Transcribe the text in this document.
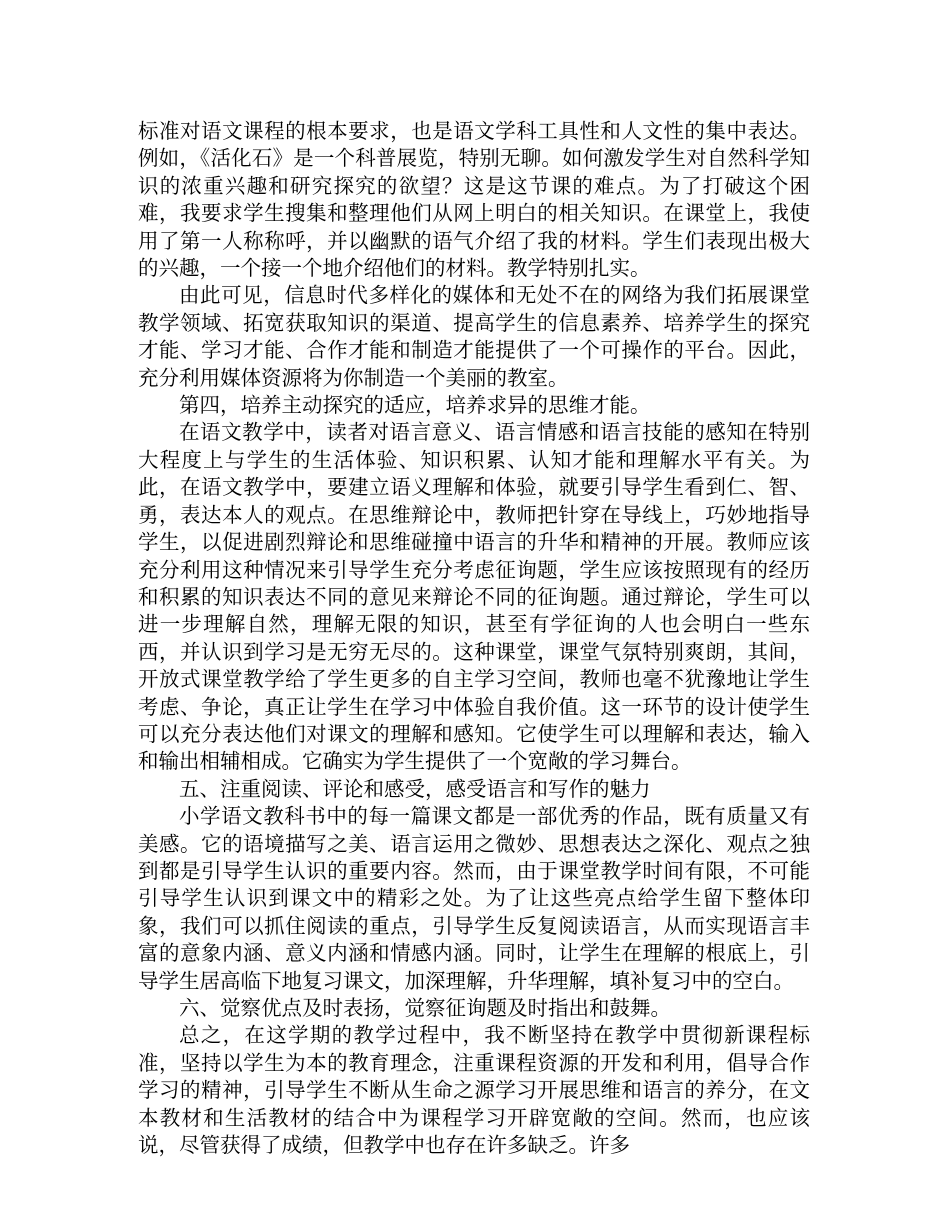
标准对语文课程的根本要求，也是语文学科工具性和人文性的集中表达。例如，《活化石》是一个科普展览，特别无聊。如何激发学生对自然科学知识的浓重兴趣和研究探究的欲望？这是这节课的难点。为了打破这个困难，我要求学生搜集和整理他们从网上明白的相关知识。在课堂上，我使用了第一人称称呼，并以幽默的语气介绍了我的材料。学生们表现出极大的兴趣，一个接一个地介绍他们的材料。教学特别扎实。

由此可见，信息时代多样化的媒体和无处不在的网络为我们拓展课堂教学领域、拓宽获取知识的渠道、提高学生的信息素养、培养学生的探究才能、学习才能、合作才能和制造才能提供了一个可操作的平台。因此，充分利用媒体资源将为你制造一个美丽的教室。

第四，培养主动探究的适应，培养求异的思维才能。

在语文教学中，读者对语言意义、语言情感和语言技能的感知在特别大程度上与学生的生活体验、知识积累、认知才能和理解水平有关。为此，在语文教学中，要建立语义理解和体验，就要引导学生看到仁、智、勇，表达本人的观点。在思维辩论中，教师把针穿在导线上，巧妙地指导学生，以促进剧烈辩论和思维碰撞中语言的升华和精神的开展。教师应该充分利用这种情况来引导学生充分考虑征询题，学生应该按照现有的经历和积累的知识表达不同的意见来辩论不同的征询题。通过辩论，学生可以进一步理解自然，理解无限的知识，甚至有学征询的人也会明白一些东西，并认识到学习是无穷无尽的。这种课堂，课堂气氛特别爽朗，其间，开放式课堂教学给了学生更多的自主学习空间，教师也毫不犹豫地让学生考虑、争论，真正让学生在学习中体验自我价值。这一环节的设计使学生可以充分表达他们对课文的理解和感知。它使学生可以理解和表达，输入和输出相辅相成。它确实为学生提供了一个宽敞的学习舞台。

五、注重阅读、评论和感受，感受语言和写作的魅力

小学语文教科书中的每一篇课文都是一部优秀的作品，既有质量又有美感。它的语境描写之美、语言运用之微妙、思想表达之深化、观点之独到都是引导学生认识的重要内容。然而，由于课堂教学时间有限，不可能引导学生认识到课文中的精彩之处。为了让这些亮点给学生留下整体印象，我们可以抓住阅读的重点，引导学生反复阅读语言，从而实现语言丰富的意象内涵、意义内涵和情感内涵。同时，让学生在理解的根底上，引导学生居高临下地复习课文，加深理解，升华理解，填补复习中的空白。

六、觉察优点及时表扬，觉察征询题及时指出和鼓舞。

总之，在这学期的教学过程中，我不断坚持在教学中贯彻新课程标准，坚持以学生为本的教育理念，注重课程资源的开发和利用，倡导合作学习的精神，引导学生不断从生命之源学习开展思维和语言的养分，在文本教材和生活教材的结合中为课程学习开辟宽敞的空间。然而，也应该说，尽管获得了成绩，但教学中也存在许多缺乏。许多
